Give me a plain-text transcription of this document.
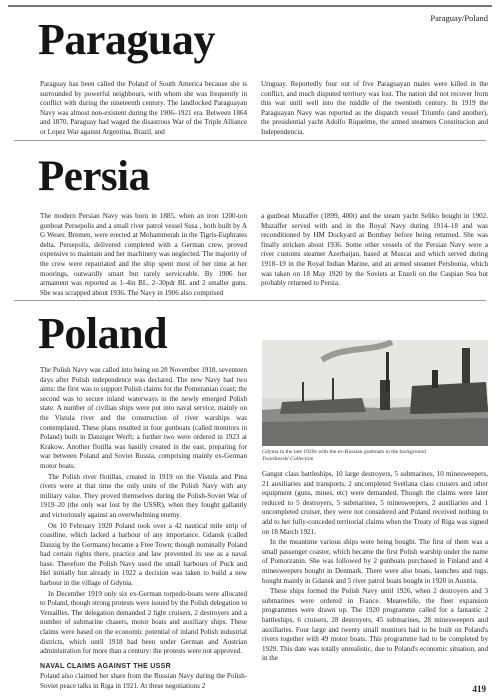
Paraguay/Poland
Paraguay

Paraguay has been called the Poland of South America because she is surrounded by powerful neighbours, with whom she was frequently in conflict with during the nineteenth century. The landlocked Paraguayan Navy was almost non-existent during the 1906–1921 era. Between 1864 and 1870, Paraguay had waged the disastrous War of the Triple Alliance or Lopez War against Argentina, Brazil, and

Uruguay. Reportedly four out of five Paraguayan males were killed in the conflict, and much disputed territory was lost. The nation did not recover from this war until well into the middle of the twentieth century. In 1919 the Paraguayan Navy was reported as the dispatch vessel Triumfo (and another), the presidential yacht Adolfo Riquelme, the armed steamers Constitucion and Independencia.

Persia

The modern Persian Navy was born in 1885, when an iron 1200-ton gunboat Persepolis and a small river patrol vessel Susa , both built by A G Weser, Bremen, were erected at Mohammerah in the Tigris-Euphrates delta. Persepolis, delivered completed with a German crew, proved expensive to maintain and her machinery was neglected. The majority of the crew were repatriated and the ship spent most of her time at her moorings, outwardly smart but rarely serviceable. By 1906 her armament was reported as 1–4in BL, 2–30pdr BL and 2 smaller guns. She was scrapped about 1936. The Navy in 1906 also comprised

a gunboat Muzaffer (1899, 400t) and the steam yacht Seliko bought in 1902. Muzaffer served with and in the Royal Navy during 1914–18 and was reconditioned by HM Dockyard at Bombay before being returned. She was finally stricken about 1936. Some other vessels of the Persian Navy were a river customs steamer Azerbaijan, based at Muscat and which served during 1918–19 in the Royal Indian Marine, and an armed steamer Persbonia, which was taken on 18 May 1920 by the Soviets at Enzeli on the Caspian Sea but probably returned to Persia.

Poland

The Polish Navy was called into being on 28 November 1918, seventeen days after Polish independence was declared. The new Navy had two aims: the first was to support Polish claims for the Pomeranian coast; the second was to secure inland waterways in the newly emerged Polish state. A number of civilian ships were put into naval service, mainly on the Vistula river and the construction of river warships was contemplated. These plans resulted in four gunboats (called monitors in Poland) built in Danziger Werft; a further two were ordered in 1923 at Krakow. Another flotilla was hastily created in the east, preparing for war between Poland and Soviet Russia, comprising mainly ex-German motor boats.

The Polish river flotillas, created in 1919 on the Vistula and Pina rivers were at that time the only units of the Polish Navy with any military value. They proved themselves during the Polish-Soviet War of 1919–20 (the only war lost by the USSR), when they fought gallantly and victoriously against an overwhelming enemy.

On 10 February 1920 Poland took over a 42 nautical mile strip of coastline, which lacked a harbour of any importance. Gdansk (called Danzig by the Germans) became a Free Town; though nominally Poland had certain rights there, practice and law prevented its use as a naval base. Therefore the Polish Navy used the small harbours of Puck and Hel initially but already in 1922 a decision was taken to build a new harbour in the village of Gdynia.

In December 1919 only six ex-German torpedo-boats were allocated to Poland, though strong protests were issued by the Polish delegation to Versailles. The delegation demanded 2 light cruisers, 2 destroyers and a number of submarine chasers, motor boats and auxiliary ships. These claims were based on the economic potential of inland Polish industrial districts, which until 1918 had been under German and Austrian administration for more than a century: the protests were not approved.

NAVAL CLAIMS AGAINST THE USSR

Poland also claimed her share from the Russian Navy during the Polish-Soviet peace talks in Riga in 1921. At these negotiations 2

Gdynia in the late 1920s with the ex-Russian gunboats in the background
Twardowski Collection

Gangut class battleships, 10 large destroyers, 5 submarines, 10 minesweepers, 21 auxiliaries and transports, 2 uncompleted Svetlana class cruisers and other equipment (guns, mines, etc) were demanded. Though the claims were later reduced to 5 destroyers, 5 submarines, 5 minesweepers, 2 auxiliaries and 1 uncompleted cruiser, they were not considered and Poland received nothing to add to her fully-conceded territorial claims when the Treaty of Riga was signed on 18 March 1921.

In the meantime various ships were being bought. The first of them was a small passenger coaster, which became the first Polish warship under the name of Pomorzanin. She was followed by 2 gunboats purchased in Finland and 4 minesweepers bought in Denmark. There were also boats, launches and tugs, bought mainly in Gdansk and 5 river patrol boats bought in 1920 in Austria.

These ships formed the Polish Navy until 1926, when 2 destroyers and 3 submarines were ordered in France. Meanwhile, the fleet expansion programmes were drawn up. The 1920 programme called for a fantastic 2 battleships, 6 cruisers, 28 destroyers, 45 submarines, 28 minesweepers and auxiliaries. Four large and twenty small monitors had to be built on Poland's rivers together with 49 motor boats. This programme had to be completed by 1929. This date was totally unrealistic, due to Poland's economic situation, and in the

419
